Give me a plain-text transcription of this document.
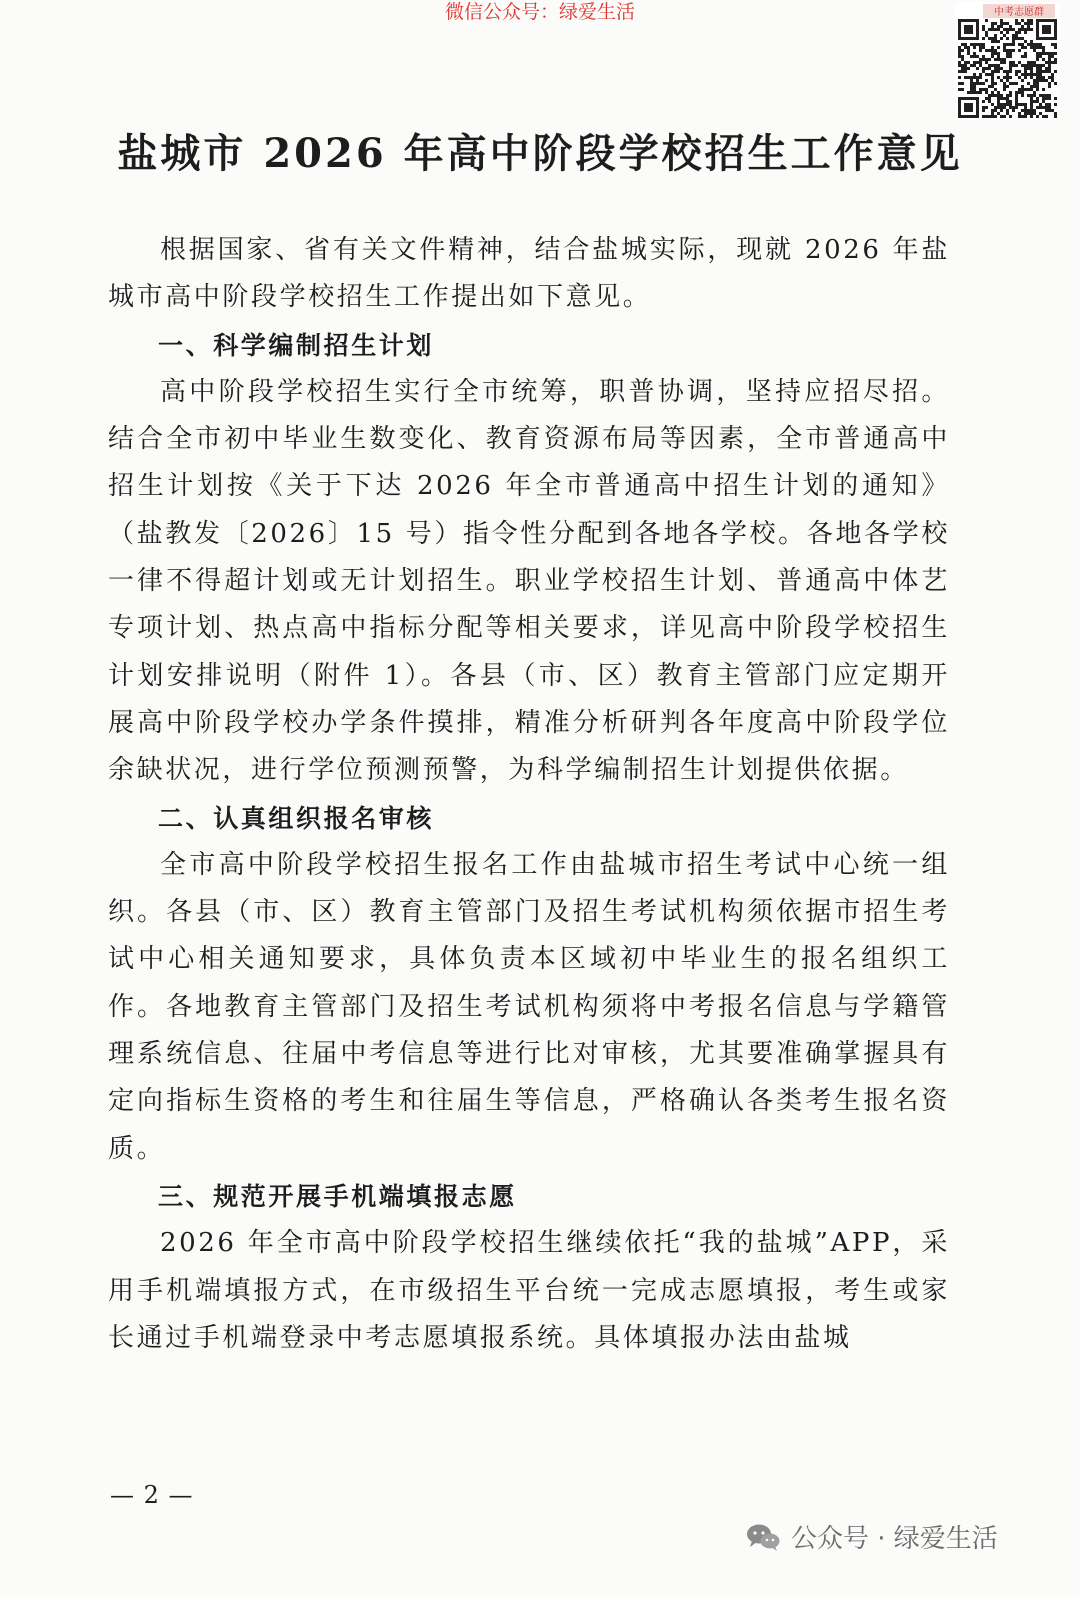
微信公众号：绿爱生活	中考志愿群
盐城市 2026 年高中阶段学校招生工作意见

根据国家、省有关文件精神，结合盐城实际，现就 2026 年盐城市高中阶段学校招生工作提出如下意见。

一、科学编制招生计划

高中阶段学校招生实行全市统筹，职普协调，坚持应招尽招。结合全市初中毕业生数变化、教育资源布局等因素，全市普通高中招生计划按《关于下达 2026 年全市普通高中招生计划的通知》（盐教发〔2026〕15 号）指令性分配到各地各学校。各地各学校一律不得超计划或无计划招生。职业学校招生计划、普通高中体艺专项计划、热点高中指标分配等相关要求，详见高中阶段学校招生计划安排说明（附件 1）。各县（市、区）教育主管部门应定期开展高中阶段学校办学条件摸排，精准分析研判各年度高中阶段学位余缺状况，进行学位预测预警，为科学编制招生计划提供依据。

二、认真组织报名审核

全市高中阶段学校招生报名工作由盐城市招生考试中心统一组织。各县（市、区）教育主管部门及招生考试机构须依据市招生考试中心相关通知要求，具体负责本区域初中毕业生的报名组织工作。各地教育主管部门及招生考试机构须将中考报名信息与学籍管理系统信息、往届中考信息等进行比对审核，尤其要准确掌握具有定向指标生资格的考生和往届生等信息，严格确认各类考生报名资质。

三、规范开展手机端填报志愿

2026 年全市高中阶段学校招生继续依托“我的盐城”APP，采用手机端填报方式，在市级招生平台统一完成志愿填报，考生或家长通过手机端登录中考志愿填报系统。具体填报办法由盐城

— 2 —
公众号 · 绿爱生活
